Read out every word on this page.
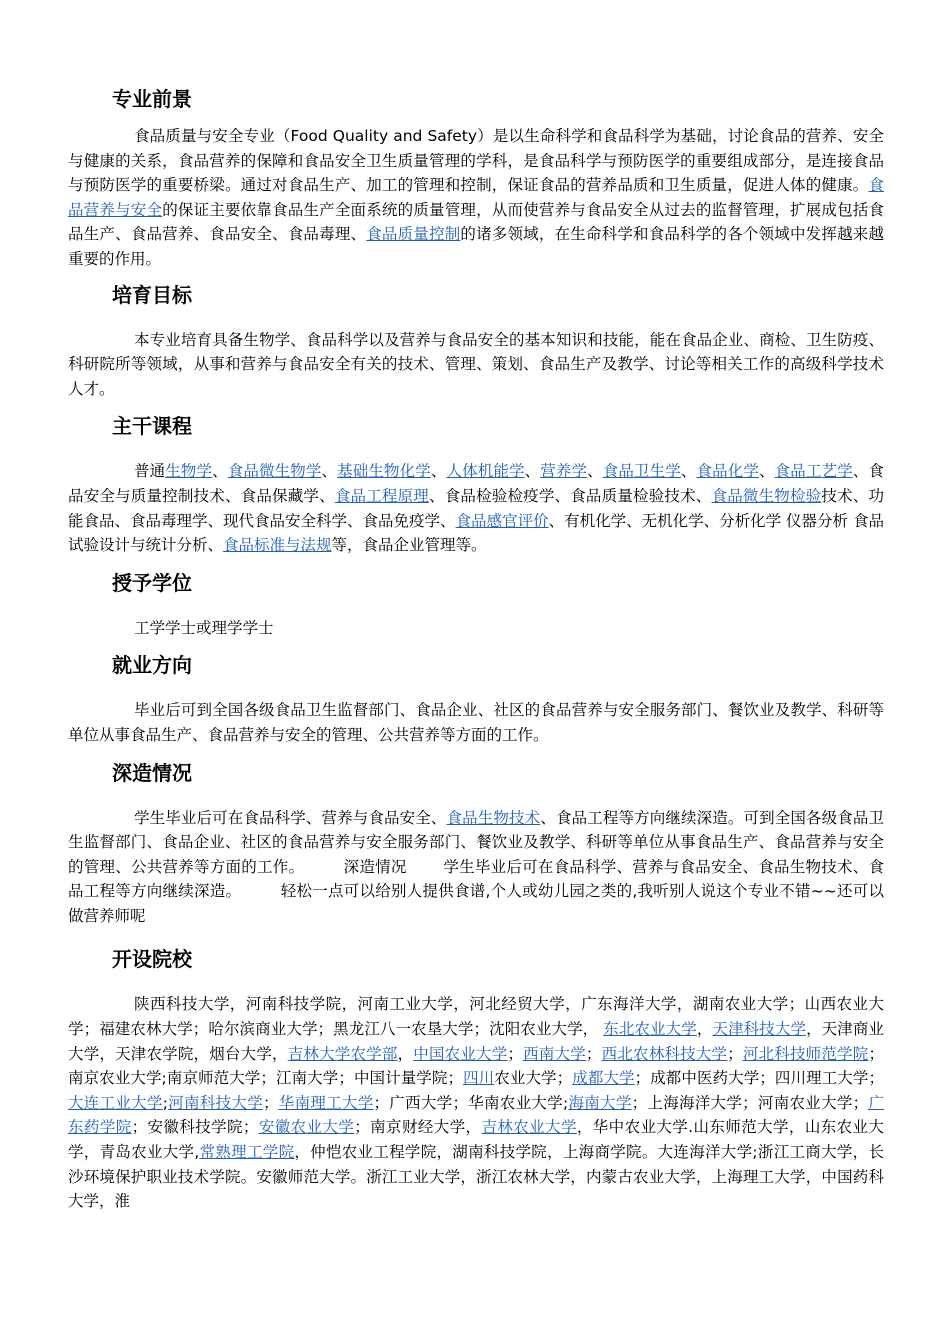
专业前景

食品质量与安全专业（Food Quality and Safety）是以生命科学和食品科学为基础，讨论食品的营养、安全与健康的关系，食品营养的保障和食品安全卫生质量管理的学科，是食品科学与预防医学的重要组成部分，是连接食品与预防医学的重要桥梁。通过对食品生产、加工的管理和控制，保证食品的营养品质和卫生质量，促进人体的健康。食品营养与安全的保证主要依靠食品生产全面系统的质量管理，从而使营养与食品安全从过去的监督管理，扩展成包括食品生产、食品营养、食品安全、食品毒理、食品质量控制的诸多领域，在生命科学和食品科学的各个领域中发挥越来越重要的作用。

培育目标

本专业培育具备生物学、食品科学以及营养与食品安全的基本知识和技能，能在食品企业、商检、卫生防疫、科研院所等领域，从事和营养与食品安全有关的技术、管理、策划、食品生产及教学、讨论等相关工作的高级科学技术人才。

主干课程

普通生物学、食品微生物学、基础生物化学、人体机能学、营养学、食品卫生学、食品化学、食品工艺学、食品安全与质量控制技术、食品保藏学、食品工程原理、食品检验检疫学、食品质量检验技术、食品微生物检验技术、功能食品、食品毒理学、现代食品安全科学、食品免疫学、食品感官评价、有机化学、无机化学、分析化学 仪器分析 食品试验设计与统计分析、食品标准与法规等，食品企业管理等。

授予学位

工学学士或理学学士

就业方向

毕业后可到全国各级食品卫生监督部门、食品企业、社区的食品营养与安全服务部门、餐饮业及教学、科研等单位从事食品生产、食品营养与安全的管理、公共营养等方面的工作。

深造情况

学生毕业后可在食品科学、营养与食品安全、食品生物技术、食品工程等方向继续深造。可到全国各级食品卫生监督部门、食品企业、社区的食品营养与安全服务部门、餐饮业及教学、科研等单位从事食品生产、食品营养与安全的管理、公共营养等方面的工作。　　　深造情况　　 学生毕业后可在食品科学、营养与食品安全、食品生物技术、食品工程等方向继续深造。　　　轻松一点可以给别人提供食谱,个人或幼儿园之类的,我听别人说这个专业不错~~还可以做营养师呢

开设院校

陕西科技大学，河南科技学院，河南工业大学，河北经贸大学，广东海洋大学，湖南农业大学；山西农业大学；福建农林大学；哈尔滨商业大学；黑龙江八一农垦大学；沈阳农业大学， 东北农业大学，天津科技大学，天津商业大学，天津农学院，烟台大学，吉林大学农学部，中国农业大学；西南大学；西北农林科技大学；河北科技师范学院；南京农业大学;南京师范大学；江南大学；中国计量学院；四川农业大学；成都大学；成都中医药大学；四川理工大学；大连工业大学;河南科技大学；华南理工大学；广西大学；华南农业大学;海南大学；上海海洋大学；河南农业大学；广东药学院；安徽科技学院；安徽农业大学；南京财经大学，吉林农业大学，华中农业大学.山东师范大学，山东农业大学，青岛农业大学,常熟理工学院，仲恺农业工程学院，湖南科技学院，上海商学院。大连海洋大学;浙江工商大学，长沙环境保护职业技术学院。安徽师范大学。浙江工业大学，浙江农林大学，内蒙古农业大学，上海理工大学，中国药科大学，淮
